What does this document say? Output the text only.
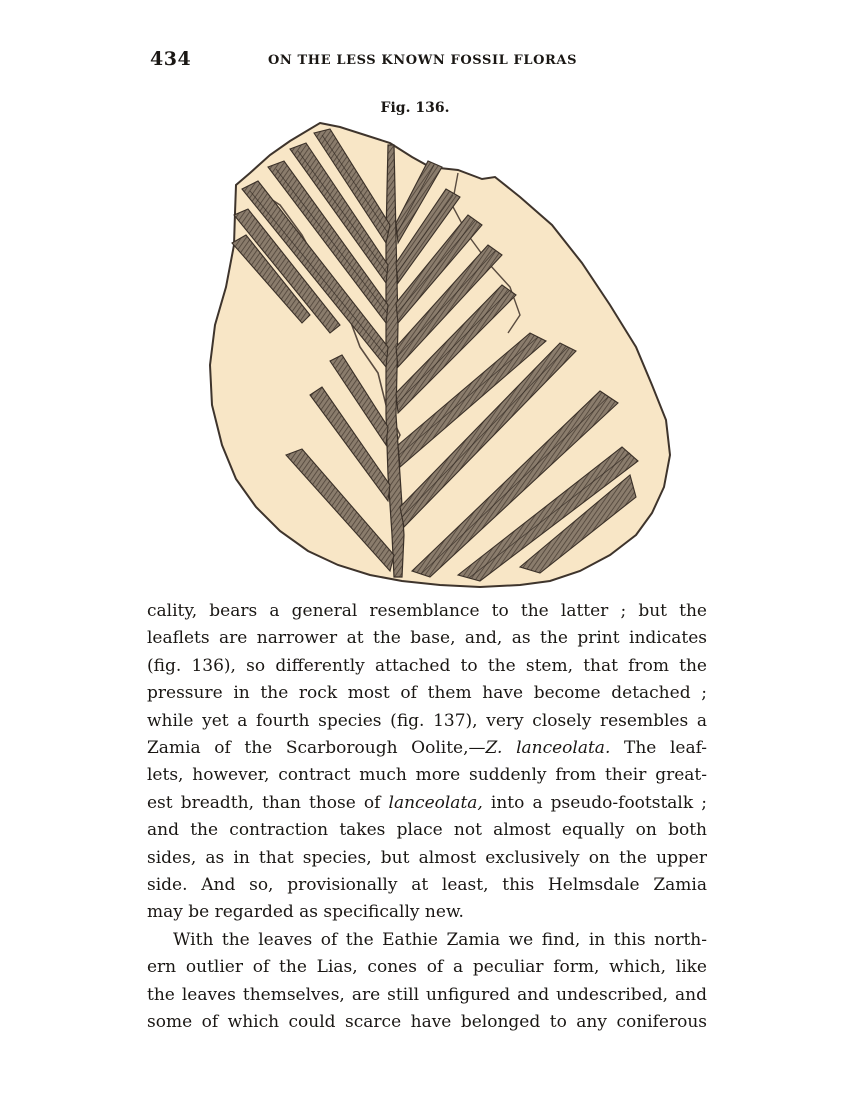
434	ON THE LESS KNOWN FOSSIL FLORAS
Fig. 136.
cality, bears a general resemblance to the latter ; but the
leaflets are narrower at the base, and, as the print indicates
(fig. 136), so differently attached to the stem, that from the
pressure in the rock most of them have become detached ;
while yet a fourth species (fig. 137), very closely resembles a
Zamia of the Scarborough Oolite,—Z. lanceolata. The leaf-
lets, however, contract much more suddenly from their great-
est breadth, than those of lanceolata, into a pseudo-footstalk ;
and the contraction takes place not almost equally on both
sides, as in that species, but almost exclusively on the upper
side. And so, provisionally at least, this Helmsdale Zamia
may be regarded as specifically new.
With the leaves of the Eathie Zamia we find, in this north-
ern outlier of the Lias, cones of a peculiar form, which, like
the leaves themselves, are still unfigured and undescribed, and
some of which could scarce have belonged to any coniferous
